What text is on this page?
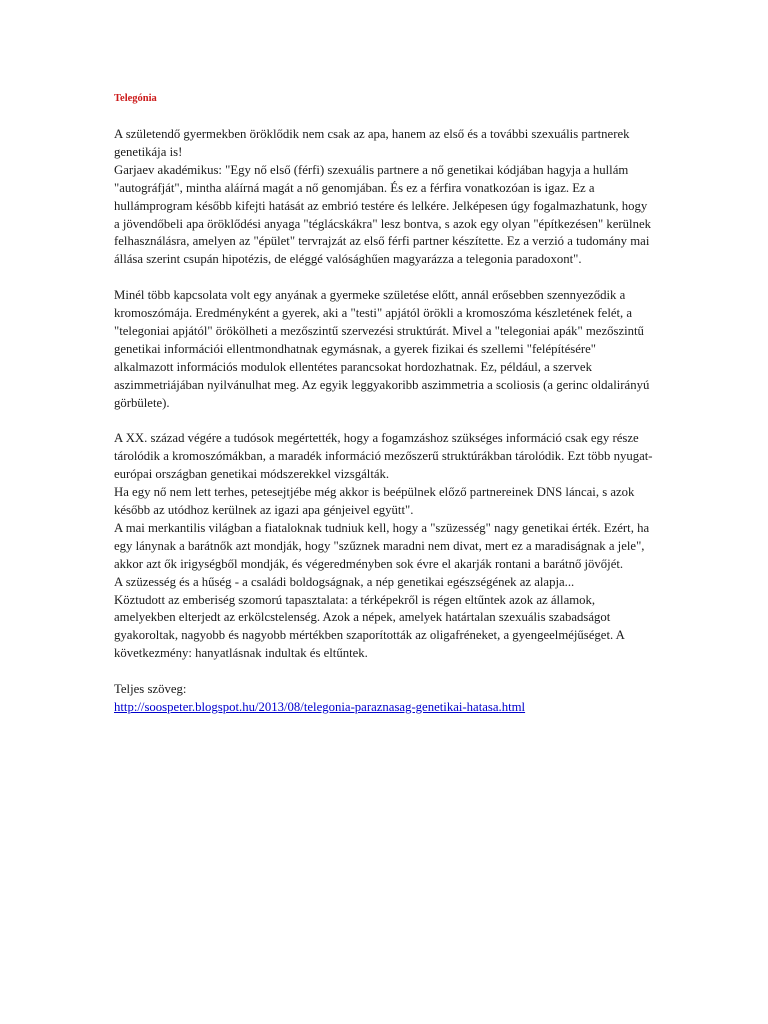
Telegónia

A születendő gyermekben öröklődik nem csak az apa, hanem az első és a további szexuális partnerek genetikája is!

Garjaev akadémikus: "Egy nő első (férfi) szexuális partnere a nő genetikai kódjában hagyja a hullám "autográfját", mintha aláírná magát a nő genomjában. És ez a férfira vonatkozóan is igaz. Ez a hullámprogram később kifejti hatását az embrió testére és lelkére. Jelképesen úgy fogalmazhatunk, hogy a jövendőbeli apa öröklődési anyaga "téglácskákra" lesz bontva, s azok egy olyan "építkezésen" kerülnek felhasználásra, amelyen az "épület" tervrajzát az első férfi partner készítette. Ez a verzió a tudomány mai állása szerint csupán hipotézis, de eléggé valósághűen magyarázza a telegonia paradoxont".

Minél több kapcsolata volt egy anyának a gyermeke születése előtt, annál erősebben szennyeződik a kromoszómája. Eredményként a gyerek, aki a "testi" apjától örökli a kromoszóma készletének felét, a "telegoniai apjától" örökölheti a mezőszintű szervezési struktúrát. Mivel a "telegoniai apák" mezőszintű genetikai információi ellentmondhatnak egymásnak, a gyerek fizikai és szellemi "felépítésére" alkalmazott információs modulok ellentétes parancsokat hordozhatnak. Ez, például, a szervek aszimmetriájában nyilvánulhat meg. Az egyik leggyakoribb aszimmetria a scoliosis (a gerinc oldalirányú görbülete).

A XX. század végére a tudósok megértették, hogy a fogamzáshoz szükséges információ csak egy része tárolódik a kromoszómákban, a maradék információ mezőszerű struktúrákban tárolódik. Ezt több nyugat-európai országban genetikai módszerekkel vizsgálták.

Ha egy nő nem lett terhes, petesejtjébe még akkor is beépülnek előző partnereinek DNS láncai, s azok később az utódhoz kerülnek az igazi apa génjeivel együtt".

A mai merkantilis világban a fiataloknak tudniuk kell, hogy a "szüzesség" nagy genetikai érték. Ezért, ha egy lánynak a barátnők azt mondják, hogy "szűznek maradni nem divat, mert ez a maradiságnak a jele", akkor azt ők irigységből mondják, és végeredményben sok évre el akarják rontani a barátnő jövőjét.

A szüzesség és a hűség - a családi boldogságnak, a nép genetikai egészségének az alapja...

Köztudott az emberiség szomorú tapasztalata: a térképekről is régen eltűntek azok az államok, amelyekben elterjedt az erkölcstelenség. Azok a népek, amelyek határtalan szexuális szabadságot gyakoroltak, nagyobb és nagyobb mértékben szaporították az oligafréneket, a gyengeelméjűséget. A következmény: hanyatlásnak indultak és eltűntek.

Teljes szöveg:

http://soospeter.blogspot.hu/2013/08/telegonia-paraznasag-genetikai-hatasa.html
